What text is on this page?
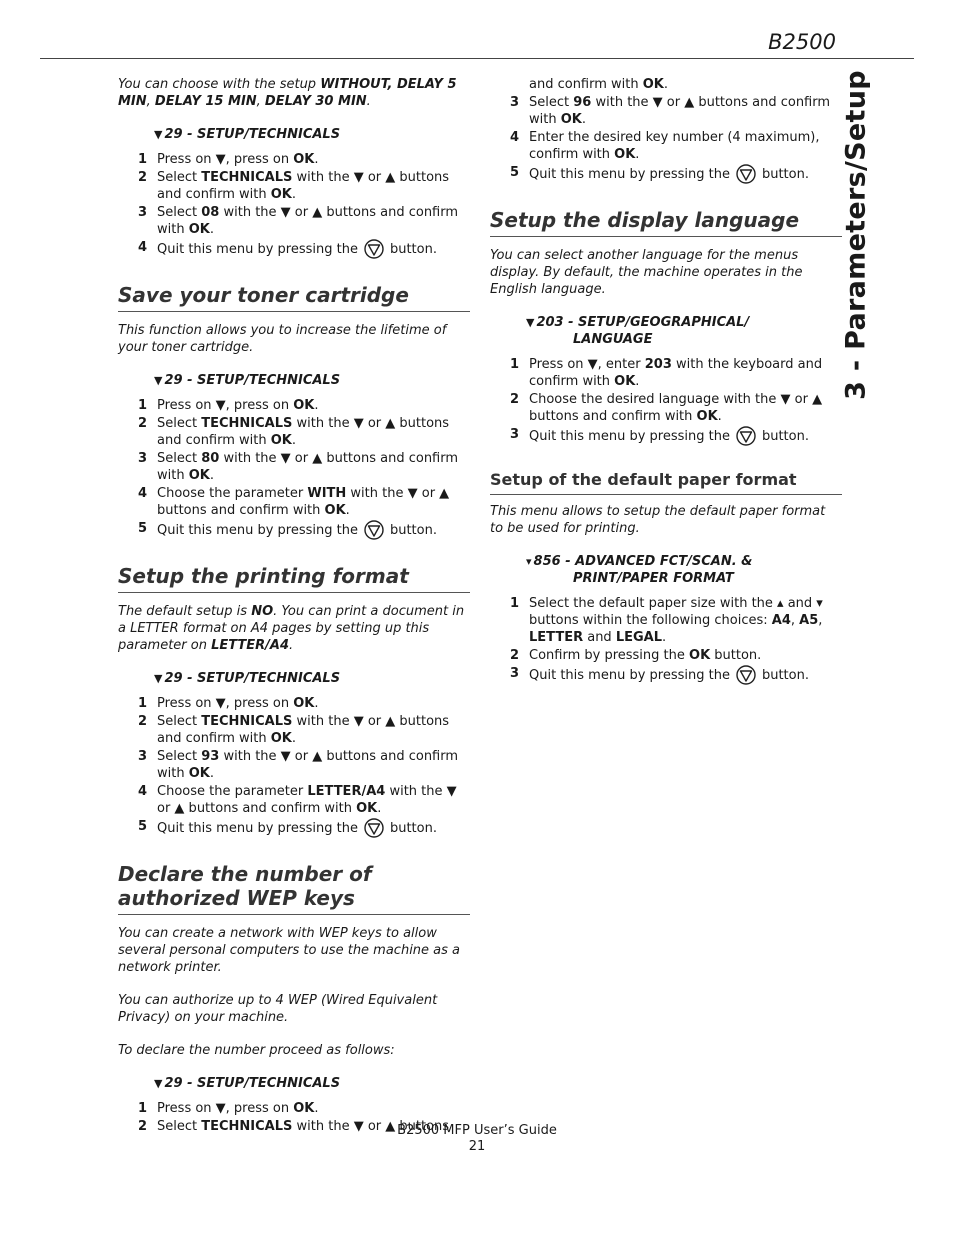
B2500
3 - Parameters/Setup

You can choose with the setup WITHOUT, DELAY 5 MIN, DELAY 15 MIN, DELAY 30 MIN.

▼ 29 - SETUP/TECHNICALS
1 Press on ▼, press on OK.
2 Select TECHNICALS with the ▼ or ▲ buttons and confirm with OK.
3 Select 08 with the ▼ or ▲ buttons and confirm with OK.
4 Quit this menu by pressing the button.
Save your toner cartridge

This function allows you to increase the lifetime of your toner cartridge.

▼ 29 - SETUP/TECHNICALS
1 Press on ▼, press on OK.
2 Select TECHNICALS with the ▼ or ▲ buttons and confirm with OK.
3 Select 80 with the ▼ or ▲ buttons and confirm with OK.
4 Choose the parameter WITH with the ▼ or ▲ buttons and confirm with OK.
5 Quit this menu by pressing the button.
Setup the printing format

The default setup is NO. You can print a document in a LETTER format on A4 pages by setting up this parameter on LETTER/A4.

▼ 29 - SETUP/TECHNICALS
1 Press on ▼, press on OK.
2 Select TECHNICALS with the ▼ or ▲ buttons and confirm with OK.
3 Select 93 with the ▼ or ▲ buttons and confirm with OK.
4 Choose the parameter LETTER/A4 with the ▼ or ▲ buttons and confirm with OK.
5 Quit this menu by pressing the button.
Declare the number of authorized WEP keys

You can create a network with WEP keys to allow several personal computers to use the machine as a network printer.

You can authorize up to 4 WEP (Wired Equivalent Privacy) on your machine.

To declare the number proceed as follows:

▼ 29 - SETUP/TECHNICALS
1 Press on ▼, press on OK.
2 Select TECHNICALS with the ▼ or ▲ buttons
and confirm with OK.
3 Select 96 with the ▼ or ▲ buttons and confirm with OK.
4 Enter the desired key number (4 maximum), confirm with OK.
5 Quit this menu by pressing the button.
Setup the display language

You can select another language for the menus display. By default, the machine operates in the English language.

▼ 203 - SETUP/GEOGRAPHICAL/
LANGUAGE
1 Press on ▼, enter 203 with the keyboard and confirm with OK.
2 Choose the desired language with the ▼ or ▲ buttons and confirm with OK.
3 Quit this menu by pressing the button.
Setup of the default paper format

This menu allows to setup the default paper format to be used for printing.

▾ 856 - ADVANCED FCT/SCAN. &
PRINT/PAPER FORMAT
1 Select the default paper size with the ▴ and ▾ buttons within the following choices: A4, A5, LETTER and LEGAL.
2 Confirm by pressing the OK button.
3 Quit this menu by pressing the button.
B2500 MFP User’s Guide
21
